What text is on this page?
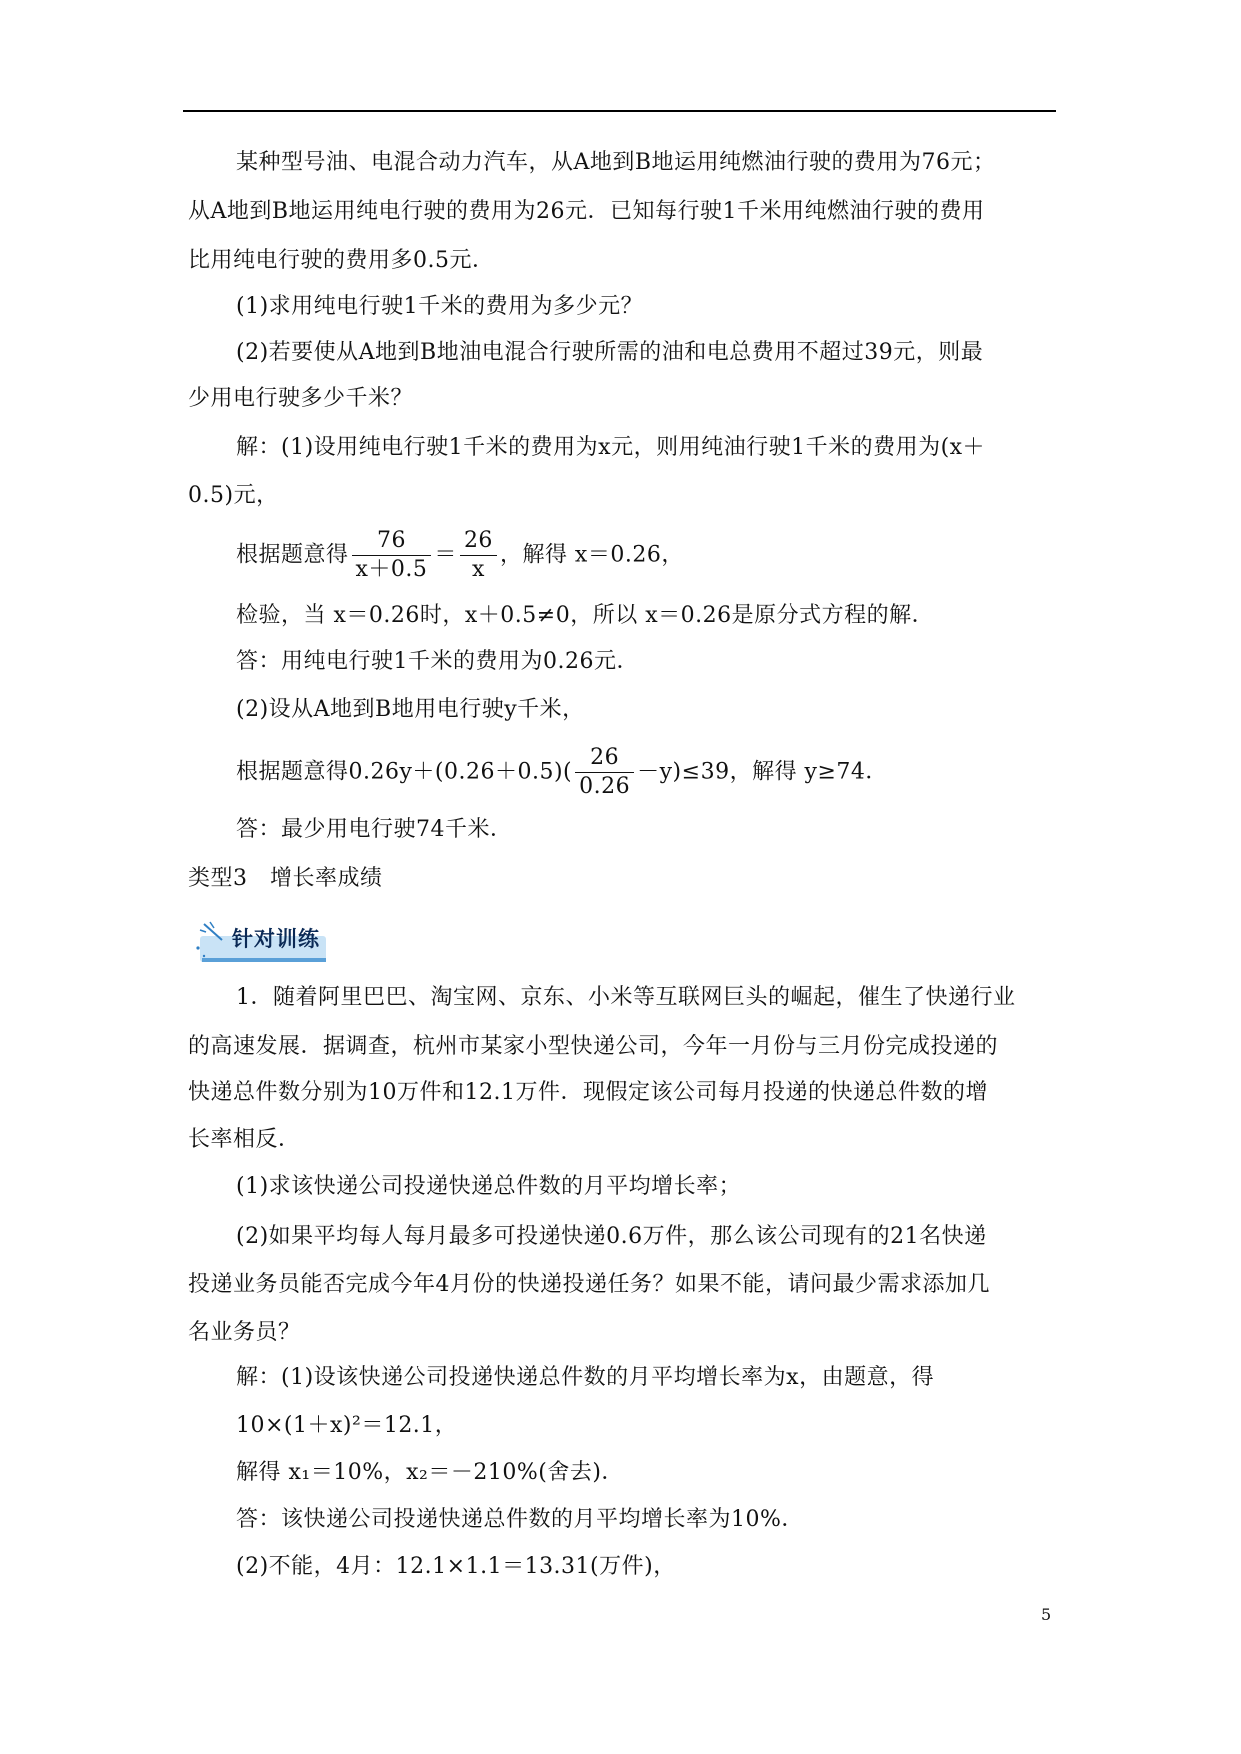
某种型号油、电混合动力汽车，从A地到B地运用纯燃油行驶的费用为76元；
从A地到B地运用纯电行驶的费用为26元．已知每行驶1千米用纯燃油行驶的费用
比用纯电行驶的费用多0.5元．
(1)求用纯电行驶1千米的费用为多少元？
(2)若要使从A地到B地油电混合行驶所需的油和电总费用不超过39元，则最
少用电行驶多少千米？
解：(1)设用纯电行驶1千米的费用为x元，则用纯油行驶1千米的费用为(x＋
0.5)元，
根据题意得 $\frac{76}{x+0.5} = \frac{26}{x}$ ，解得 x＝0.26，
检验，当 x＝0.26时，x＋0.5≠0，所以 x＝0.26是原分式方程的解．
答：用纯电行驶1千米的费用为0.26元．
(2)设从A地到B地用电行驶y千米，
根据题意得$0.26y+(0.26+0.5)( \frac{26}{0.26} -y)\le 39$，解得 y≥74．
答：最少用电行驶74千米．
类型3　增长率成绩
针对训练
1．随着阿里巴巴、淘宝网、京东、小米等互联网巨头的崛起，催生了快递行业
的高速发展．据调查，杭州市某家小型快递公司，今年一月份与三月份完成投递的
快递总件数分别为10万件和12.1万件．现假定该公司每月投递的快递总件数的增
长率相反．
(1)求该快递公司投递快递总件数的月平均增长率；
(2)如果平均每人每月最多可投递快递0.6万件，那么该公司现有的21名快递
投递业务员能否完成今年4月份的快递投递任务？如果不能，请问最少需求添加几
名业务员？
解：(1)设该快递公司投递快递总件数的月平均增长率为x，由题意，得
10×(1＋x)²＝12.1，
解得 x₁＝10%，x₂＝－210%(舍去)．
答：该快递公司投递快递总件数的月平均增长率为10%．
(2)不能，4月：12.1×1.1＝13.31(万件)，
5
